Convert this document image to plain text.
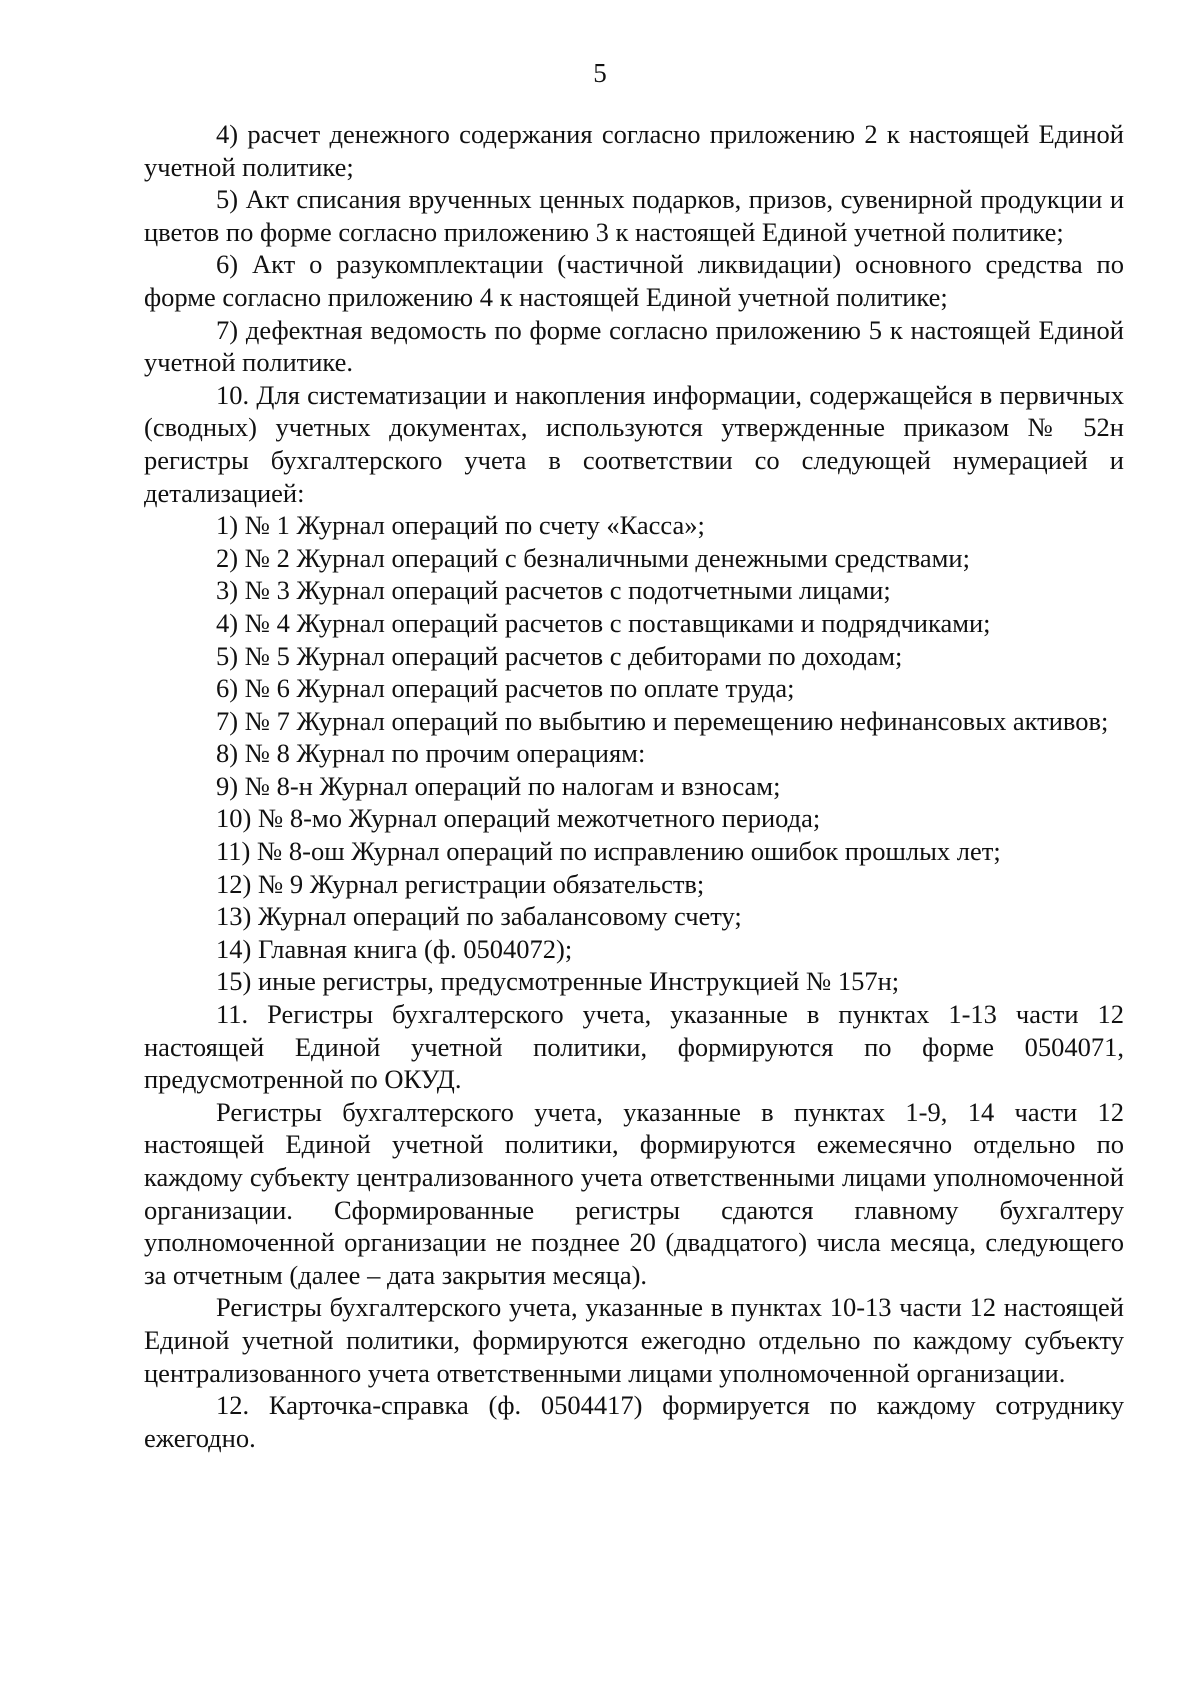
5

4) расчет денежного содержания согласно приложению 2 к настоящей Единой учетной политике;

5) Акт списания врученных ценных подарков, призов, сувенирной продукции и цветов по форме согласно приложению 3 к настоящей Единой учетной политике;

6) Акт о разукомплектации (частичной ликвидации) основного средства по форме согласно приложению 4 к настоящей Единой учетной политике;

7) дефектная ведомость по форме согласно приложению 5 к настоящей Единой учетной политике.

10. Для систематизации и накопления информации, содержащейся в первичных (сводных) учетных документах, используются утвержденные приказом № 52н регистры бухгалтерского учета в соответствии со следующей нумерацией и детализацией:

1) № 1 Журнал операций по счету «Касса»;

2) № 2 Журнал операций с безналичными денежными средствами;

3) № 3 Журнал операций расчетов с подотчетными лицами;

4) № 4 Журнал операций расчетов с поставщиками и подрядчиками;

5) № 5 Журнал операций расчетов с дебиторами по доходам;

6) № 6 Журнал операций расчетов по оплате труда;

7) № 7 Журнал операций по выбытию и перемещению нефинансовых активов;

8) № 8 Журнал по прочим операциям:

9) № 8-н Журнал операций по налогам и взносам;

10) № 8-мо Журнал операций межотчетного периода;

11) № 8-ош Журнал операций по исправлению ошибок прошлых лет;

12) № 9 Журнал регистрации обязательств;

13) Журнал операций по забалансовому счету;

14) Главная книга (ф. 0504072);

15) иные регистры, предусмотренные Инструкцией № 157н;

11. Регистры бухгалтерского учета, указанные в пунктах 1-13 части 12 настоящей Единой учетной политики, формируются по форме 0504071, предусмотренной по ОКУД.

Регистры бухгалтерского учета, указанные в пунктах 1-9, 14 части 12 настоящей Единой учетной политики, формируются ежемесячно отдельно по каждому субъекту централизованного учета ответственными лицами уполномоченной организации. Сформированные регистры сдаются главному бухгалтеру уполномоченной организации не позднее 20 (двадцатого) числа месяца, следующего за отчетным (далее – дата закрытия месяца).

Регистры бухгалтерского учета, указанные в пунктах 10-13 части 12 настоящей Единой учетной политики, формируются ежегодно отдельно по каждому субъекту централизованного учета ответственными лицами уполномоченной организации.

12. Карточка-справка (ф. 0504417) формируется по каждому сотруднику ежегодно.
